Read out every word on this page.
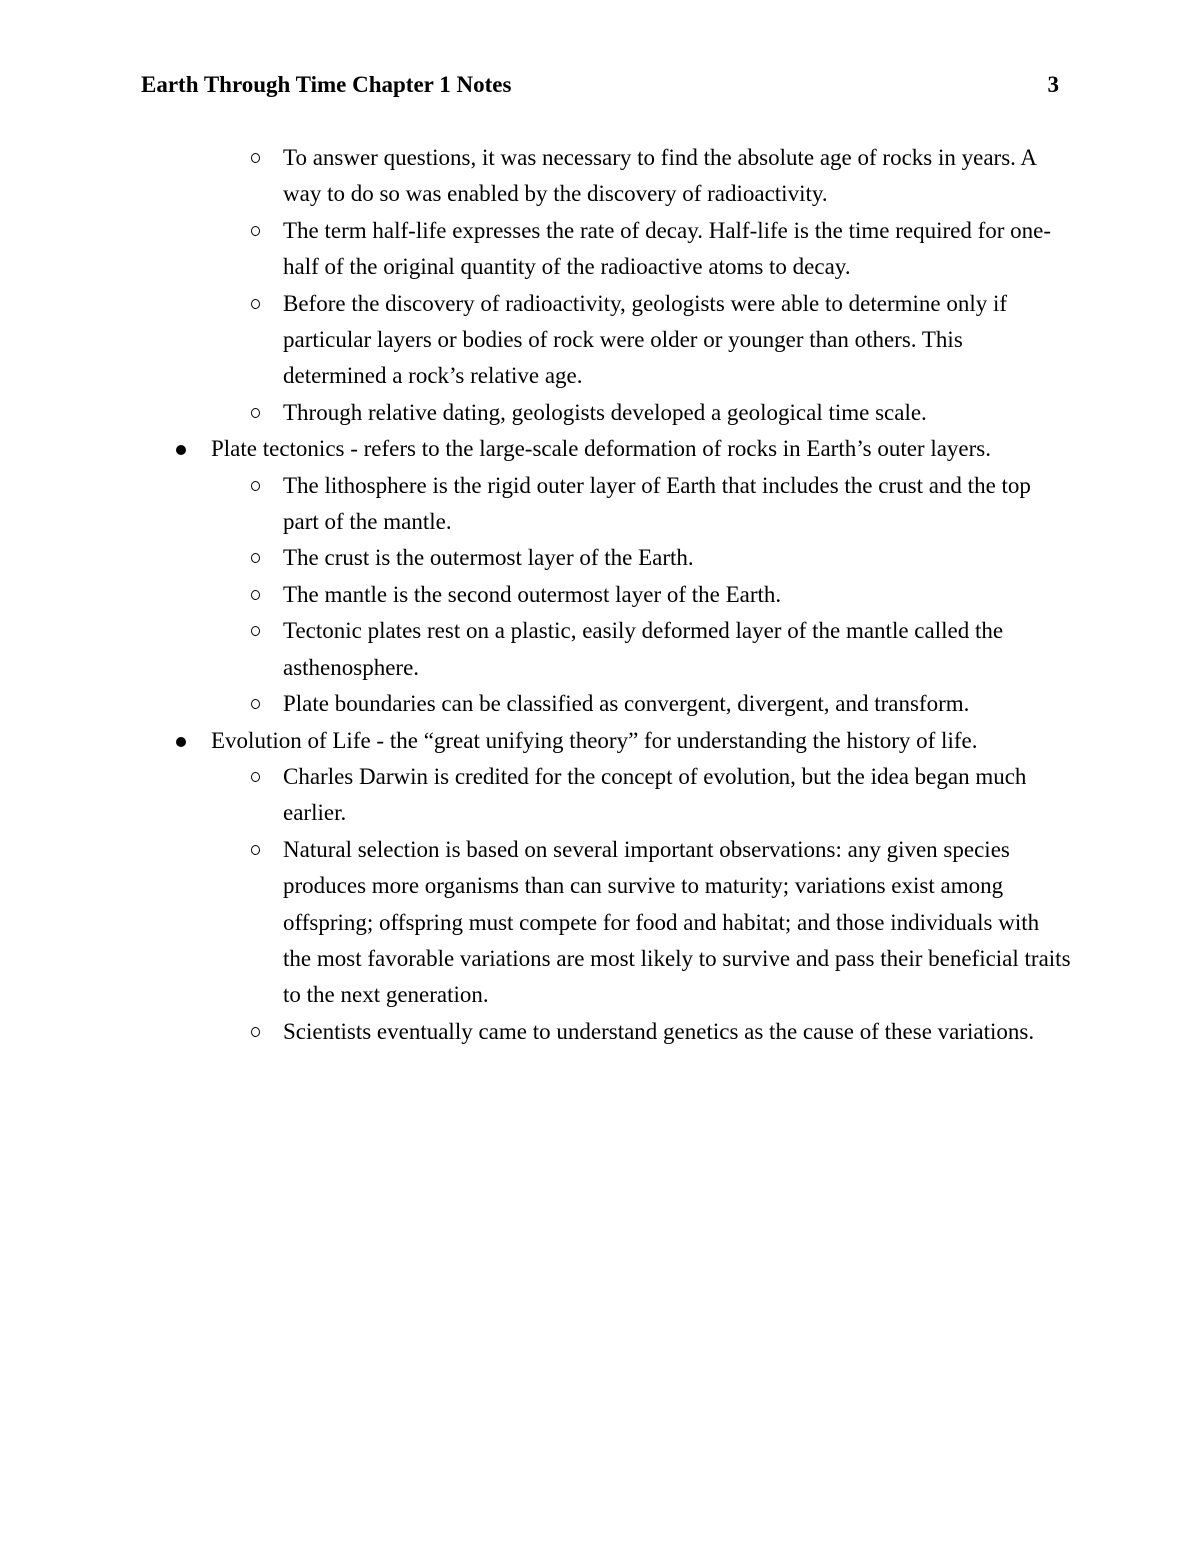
Earth Through Time Chapter 1 Notes	3
To answer questions, it was necessary to find the absolute age of rocks in years. A way to do so was enabled by the discovery of radioactivity.
The term half-life expresses the rate of decay. Half-life is the time required for one-half of the original quantity of the radioactive atoms to decay.
Before the discovery of radioactivity, geologists were able to determine only if particular layers or bodies of rock were older or younger than others. This determined a rock’s relative age.
Through relative dating, geologists developed a geological time scale.
Plate tectonics - refers to the large-scale deformation of rocks in Earth’s outer layers.
The lithosphere is the rigid outer layer of Earth that includes the crust and the top part of the mantle.
The crust is the outermost layer of the Earth.
The mantle is the second outermost layer of the Earth.
Tectonic plates rest on a plastic, easily deformed layer of the mantle called the asthenosphere.
Plate boundaries can be classified as convergent, divergent, and transform.
Evolution of Life - the “great unifying theory” for understanding the history of life.
Charles Darwin is credited for the concept of evolution, but the idea began much earlier.
Natural selection is based on several important observations: any given species produces more organisms than can survive to maturity; variations exist among offspring; offspring must compete for food and habitat; and those individuals with the most favorable variations are most likely to survive and pass their beneficial traits to the next generation.
Scientists eventually came to understand genetics as the cause of these variations.
